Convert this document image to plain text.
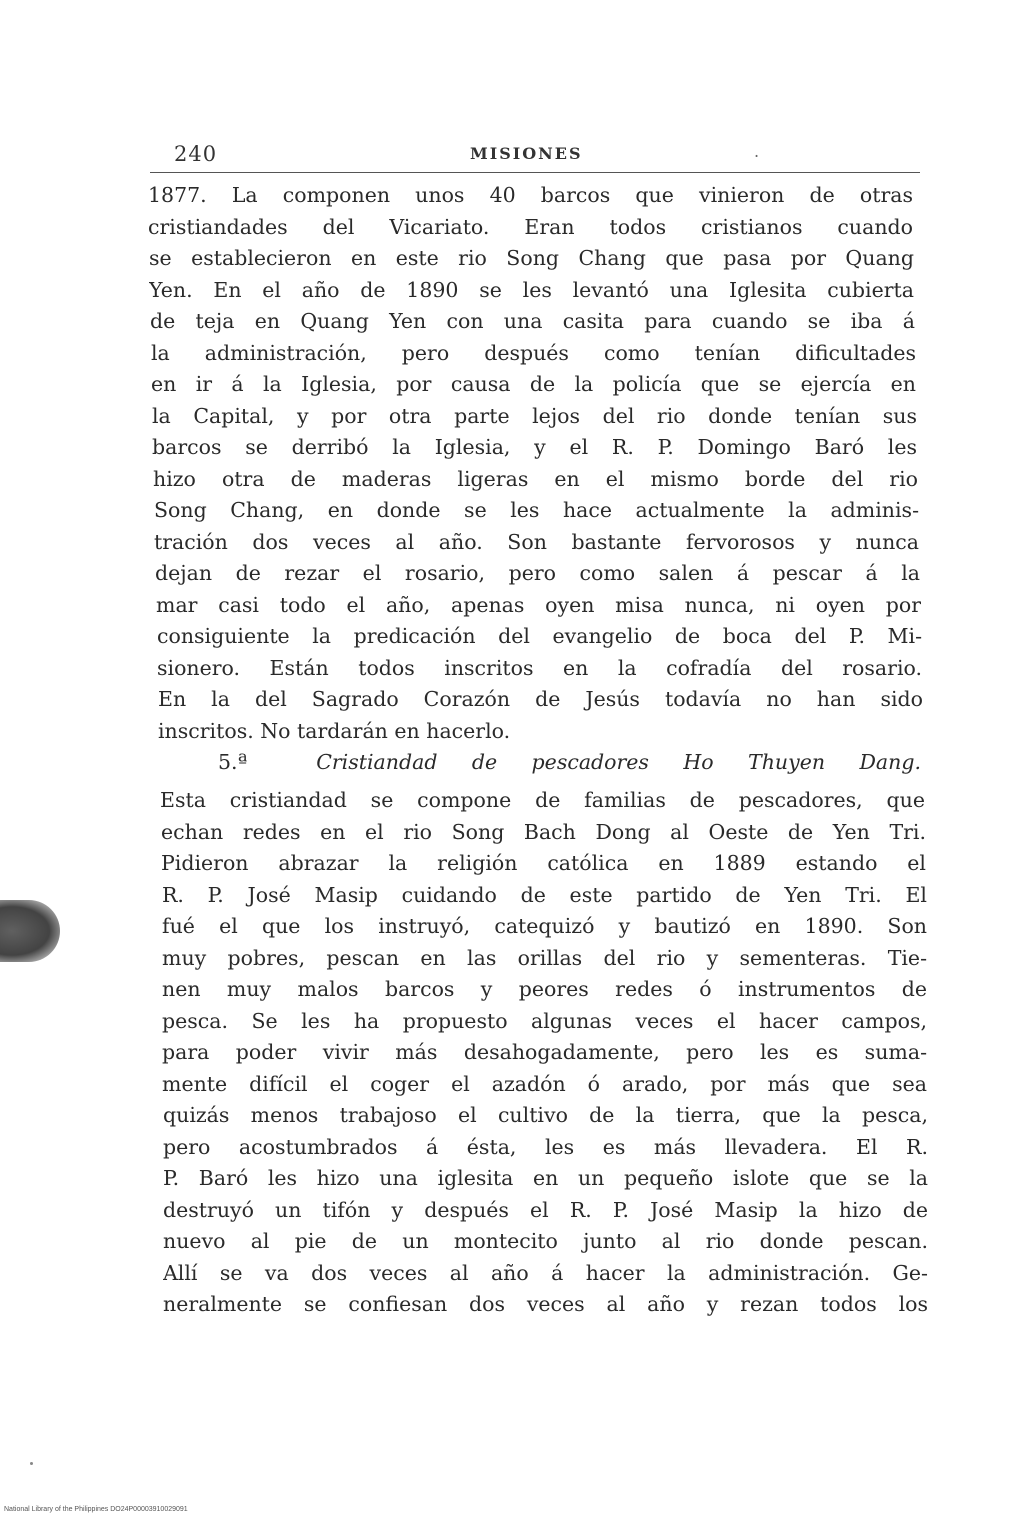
240	MISIONES	.
1877. La componen unos 40 barcos que vinieron de otras
cristiandades del Vicariato. Eran todos cristianos cuando
se establecieron en este rio Song Chang que pasa por Quang
Yen. En el año de 1890 se les levantó una Iglesita cubierta
de teja en Quang Yen con una casita para cuando se iba á
la administración, pero después como tenían dificultades
en ir á la Iglesia, por causa de la policía que se ejercía en
la Capital, y por otra parte lejos del rio donde tenían sus
barcos se derribó la Iglesia, y el R. P. Domingo Baró les
hizo otra de maderas ligeras en el mismo borde del rio
Song Chang, en donde se les hace actualmente la adminis-
tración dos veces al año. Son bastante fervorosos y nunca
dejan de rezar el rosario, pero como salen á pescar á la
mar casi todo el año, apenas oyen misa nunca, ni oyen por
consiguiente la predicación del evangelio de boca del P. Mi-
sionero. Están todos inscritos en la cofradía del rosario.
En la del Sagrado Corazón de Jesús todavía no han sido
inscritos. No tardarán en hacerlo.
5.ª	Cristiandad de pescadores Ho Thuyen Dang.
Esta cristiandad se compone de familias de pescadores, que
echan redes en el rio Song Bach Dong al Oeste de Yen Tri.
Pidieron abrazar la religión católica en 1889 estando el
R. P. José Masip cuidando de este partido de Yen Tri. El
fué el que los instruyó, catequizó y bautizó en 1890. Son
muy pobres, pescan en las orillas del rio y sementeras. Tie-
nen muy malos barcos y peores redes ó instrumentos de
pesca. Se les ha propuesto algunas veces el hacer campos,
para poder vivir más desahogadamente, pero les es suma-
mente difícil el coger el azadón ó arado, por más que sea
quizás menos trabajoso el cultivo de la tierra, que la pesca,
pero acostumbrados á ésta, les es más llevadera. El R.
P. Baró les hizo una iglesita en un pequeño islote que se la
destruyó un tifón y después el R. P. José Masip la hizo de
nuevo al pie de un montecito junto al rio donde pescan.
Allí se va dos veces al año á hacer la administración. Ge-
neralmente se confiesan dos veces al año y rezan todos los
National Library of the Philippines DO24P00003910029091
